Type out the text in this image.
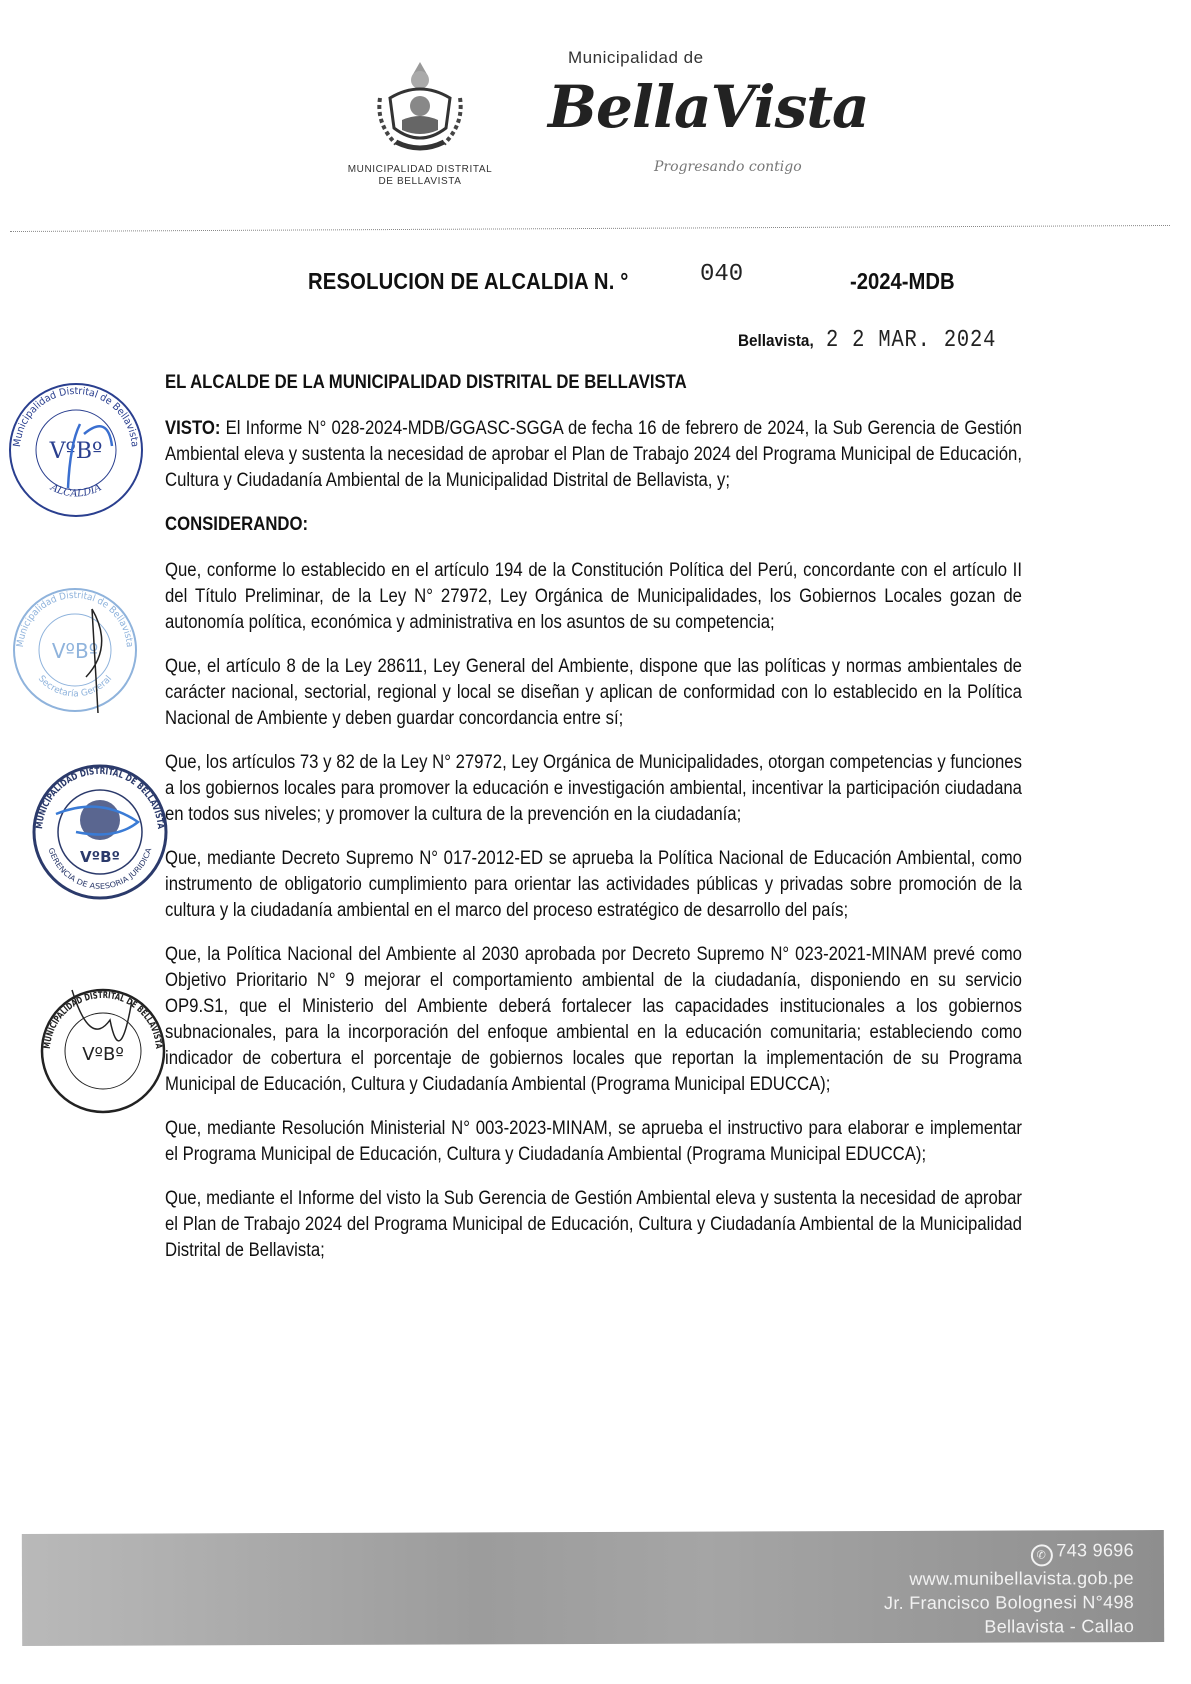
MUNICIPALIDAD DISTRITAL
DE BELLAVISTA
Municipalidad de
BellaVista
Progresando contigo
RESOLUCION DE ALCALDIA N. °	040	-2024-MDB
Bellavista, 2 2 MAR. 2024

EL ALCALDE DE LA MUNICIPALIDAD DISTRITAL DE BELLAVISTA

VISTO: El Informe N° 028-2024-MDB/GGASC-SGGA de fecha 16 de febrero de 2024, la Sub Gerencia de Gestión Ambiental eleva y sustenta la necesidad de aprobar el Plan de Trabajo 2024 del Programa Municipal de Educación, Cultura y Ciudadanía Ambiental de la Municipalidad Distrital de Bellavista, y;

CONSIDERANDO:

Que, conforme lo establecido en el artículo 194 de la Constitución Política del Perú, concordante con el artículo II del Título Preliminar, de la Ley N° 27972, Ley Orgánica de Municipalidades, los Gobiernos Locales gozan de autonomía política, económica y administrativa en los asuntos de su competencia;

Que, el artículo 8 de la Ley 28611, Ley General del Ambiente, dispone que las políticas y normas ambientales de carácter nacional, sectorial, regional y local se diseñan y aplican de conformidad con lo establecido en la Política Nacional de Ambiente y deben guardar concordancia entre sí;

Que, los artículos 73 y 82 de la Ley N° 27972, Ley Orgánica de Municipalidades, otorgan competencias y funciones a los gobiernos locales para promover la educación e investigación ambiental, incentivar la participación ciudadana en todos sus niveles; y promover la cultura de la prevención en la ciudadanía;

Que, mediante Decreto Supremo N° 017-2012-ED se aprueba la Política Nacional de Educación Ambiental, como instrumento de obligatorio cumplimiento para orientar las actividades públicas y privadas sobre promoción de la cultura y la ciudadanía ambiental en el marco del proceso estratégico de desarrollo del país;

Que, la Política Nacional del Ambiente al 2030 aprobada por Decreto Supremo N° 023-2021-MINAM prevé como Objetivo Prioritario N° 9 mejorar el comportamiento ambiental de la ciudadanía, disponiendo en su servicio OP9.S1, que el Ministerio del Ambiente deberá fortalecer las capacidades institucionales a los gobiernos subnacionales, para la incorporación del enfoque ambiental en la educación comunitaria; estableciendo como indicador de cobertura el porcentaje de gobiernos locales que reportan la implementación de su Programa Municipal de Educación, Cultura y Ciudadanía Ambiental (Programa Municipal EDUCCA);

Que, mediante Resolución Ministerial N° 003-2023-MINAM, se aprueba el instructivo para elaborar e implementar el Programa Municipal de Educación, Cultura y Ciudadanía Ambiental (Programa Municipal EDUCCA);

Que, mediante el Informe del visto la Sub Gerencia de Gestión Ambiental eleva y sustenta la necesidad de aprobar el Plan de Trabajo 2024 del Programa Municipal de Educación, Cultura y Ciudadanía Ambiental de la Municipalidad Distrital de Bellavista;

Municipalidad Distrital de Bellavista
VºBº
ALCALDIA
Municipalidad Distrital de Bellavista
VºBº
Secretaría General
MUNICIPALIDAD DISTRITAL DE BELLAVISTA
VºBº
GERENCIA DE ASESORIA JURIDICA
MUNICIPALIDAD DISTRITAL DE BELLAVISTA
VºBº
✆ 743 9696
www.munibellavista.gob.pe
Jr. Francisco Bolognesi N°498
Bellavista - Callao
